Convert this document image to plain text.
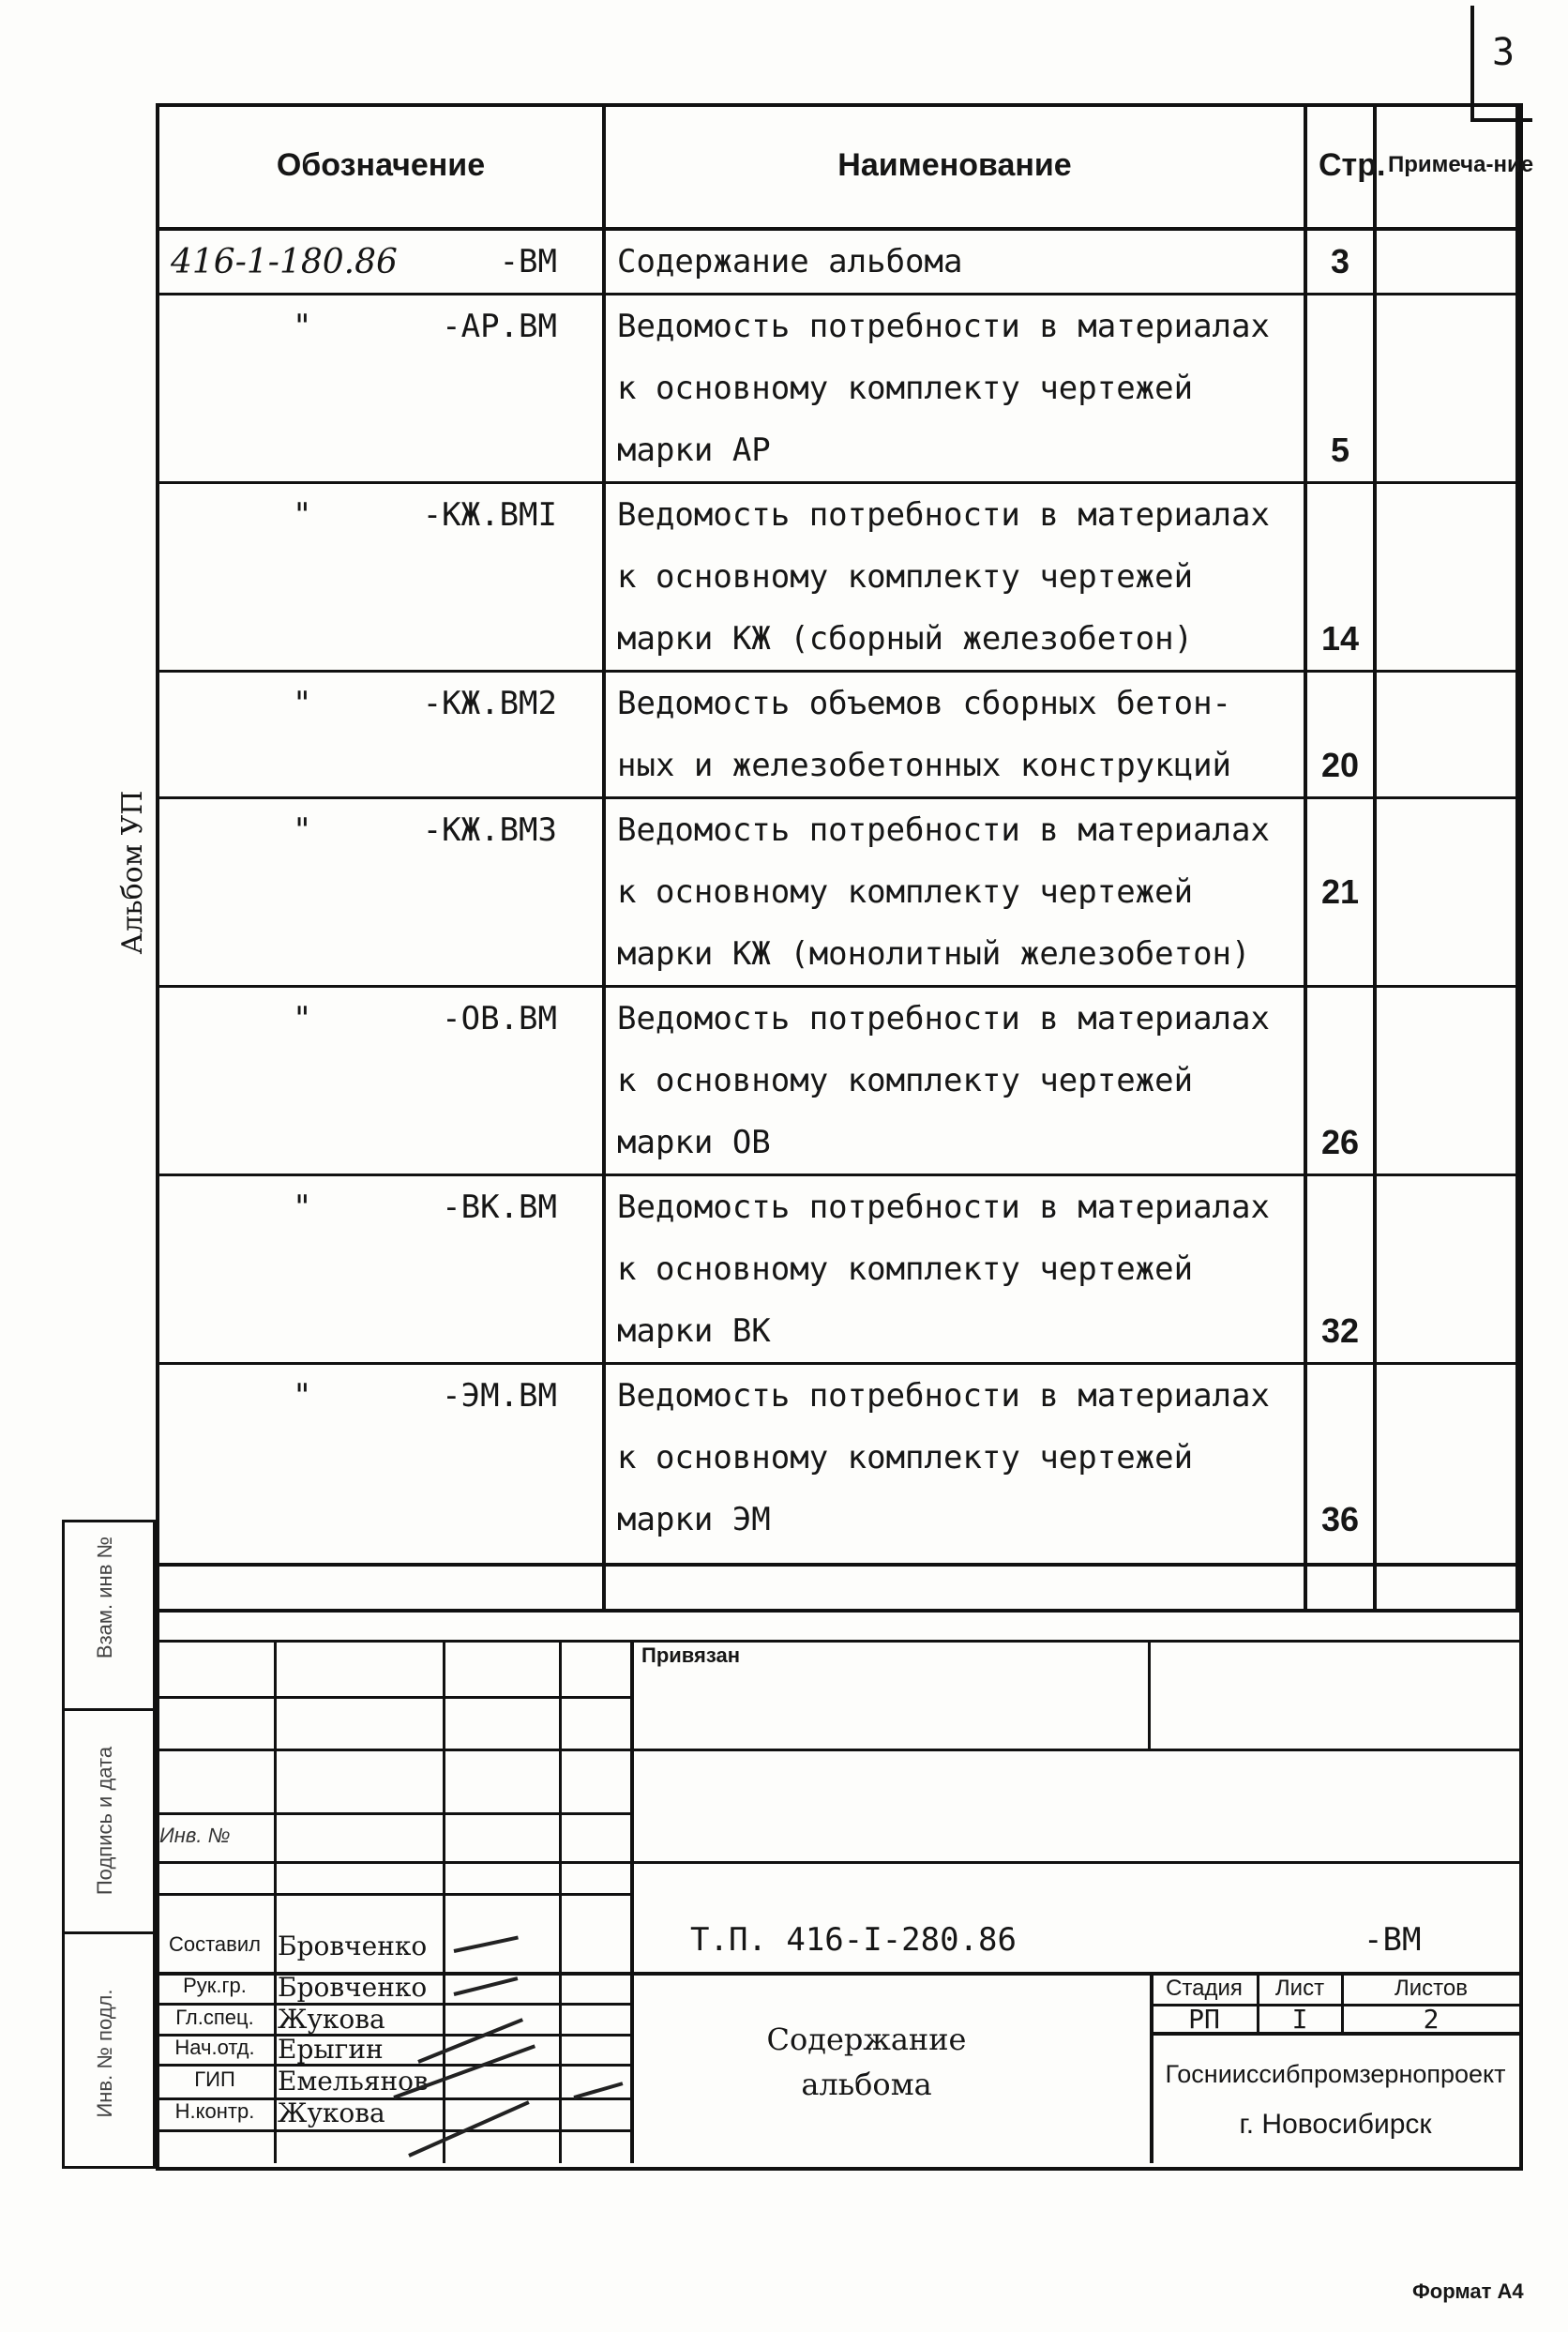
3
Альбом УП
Инв. № подл.
Подпись и дата
Взам. инв №
Обозначение	Наименование	Стр.	Примеча-ние

416-1-180.86 -ВМ	Содержание альбома	3	

" -АР.ВМ	Ведомость потребности в материалах		
	к основному комплекту чертежей		
	марки АР	5	

" -КЖ.ВМI	Ведомость потребности в материалах		
	к основному комплекту чертежей		
	марки КЖ (сборный железобетон)	14	

" -КЖ.ВМ2	Ведомость объемов сборных бетон-		
	ных и железобетонных конструкций	20	

" -КЖ.ВМ3	Ведомость потребности в материалах		
	к основному комплекту чертежей	21	
	марки КЖ (монолитный железобетон)		

" -ОВ.ВМ	Ведомость потребности в материалах		
	к основному комплекту чертежей		
	марки ОВ	26	

" -ВК.ВМ	Ведомость потребности в материалах		
	к основному комплекту чертежей		
	марки ВК	32	

" -ЭМ.ВМ	Ведомость потребности в материалах		
	к основному комплекту чертежей		
	марки ЭМ	36	

Привязан
Инв. №
Т.П. 416-I-280.86	-ВМ
Содержание альбома
Стадия	Лист	Листов
РП	I	2
Госнииссибпромзернопроект
г. Новосибирск
Составил Бровченко
Рук.гр.	Бровченко
Гл.спец. Жукова
Нач.отд. Ерыгин
ГИП	Емельянов
Н.контр. Жукова
Формат А4
